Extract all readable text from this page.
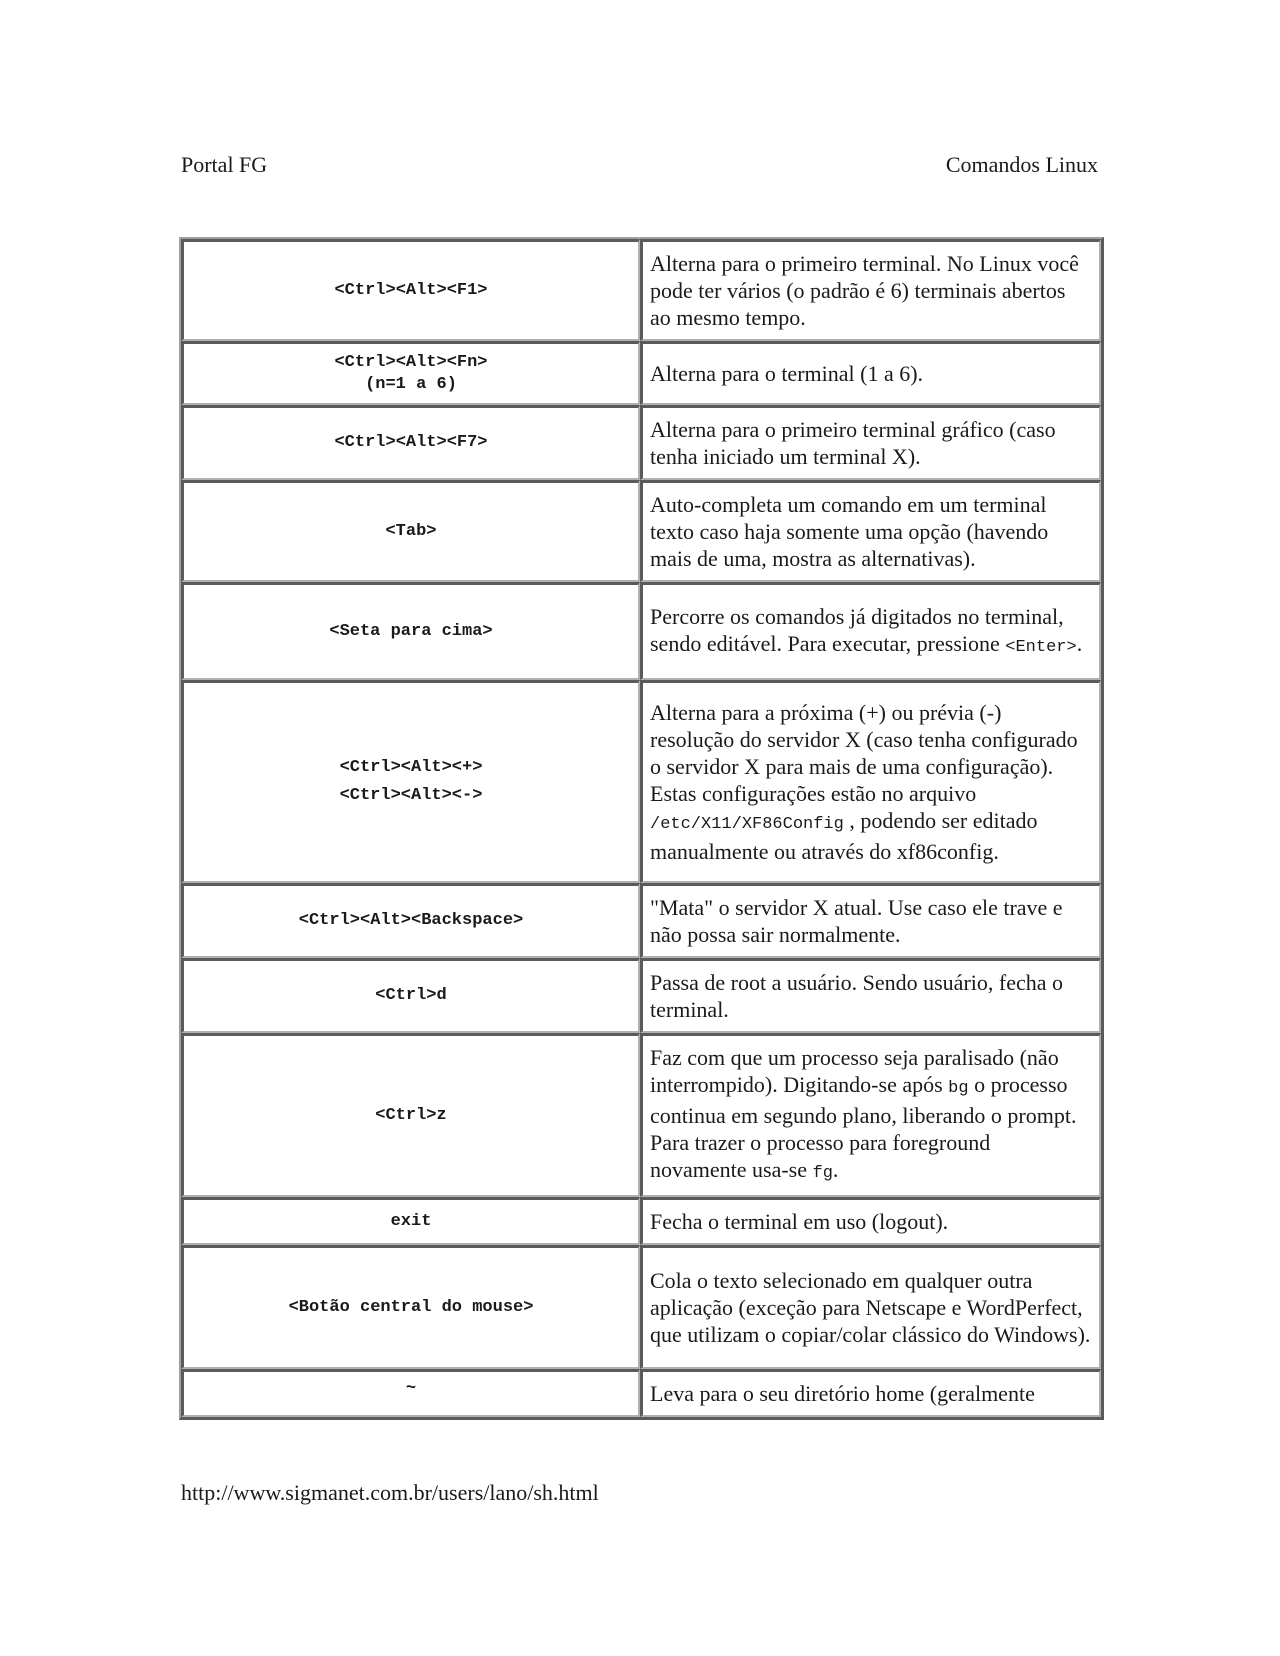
Portal FG	Comandos Linux
<Ctrl><Alt><F1>	Alterna para o primeiro terminal. No Linux você pode ter vários (o padrão é 6) terminais abertos ao mesmo tempo.

<Ctrl><Alt><Fn>
(n=1 a 6)	Alterna para o terminal (1 a 6).

<Ctrl><Alt><F7>	Alterna para o primeiro terminal gráfico (caso tenha iniciado um terminal X).

<Tab>	Auto-completa um comando em um terminal texto caso haja somente uma opção (havendo mais de uma, mostra as alternativas).

<Seta para cima>	Percorre os comandos já digitados no terminal, sendo editável. Para executar, pressione <Enter>.

<Ctrl><Alt><+>
<Ctrl><Alt><->	Alterna para a próxima (+) ou prévia (-) resolução do servidor X (caso tenha configurado o servidor X para mais de uma configuração). Estas configurações estão no arquivo /etc/X11/XF86Config , podendo ser editado manualmente ou através do xf86config.

<Ctrl><Alt><Backspace>	"Mata" o servidor X atual. Use caso ele trave e não possa sair normalmente.

<Ctrl>d	Passa de root a usuário. Sendo usuário, fecha o terminal.

<Ctrl>z	Faz com que um processo seja paralisado (não interrompido). Digitando-se após bg o processo continua em segundo plano, liberando o prompt. Para trazer o processo para foreground novamente usa-se fg.

exit	Fecha o terminal em uso (logout).

<Botão central do mouse>	Cola o texto selecionado em qualquer outra aplicação (exceção para Netscape e WordPerfect, que utilizam o copiar/colar clássico do Windows).

~	Leva para o seu diretório home (geralmente
http://www.sigmanet.com.br/users/lano/sh.html
